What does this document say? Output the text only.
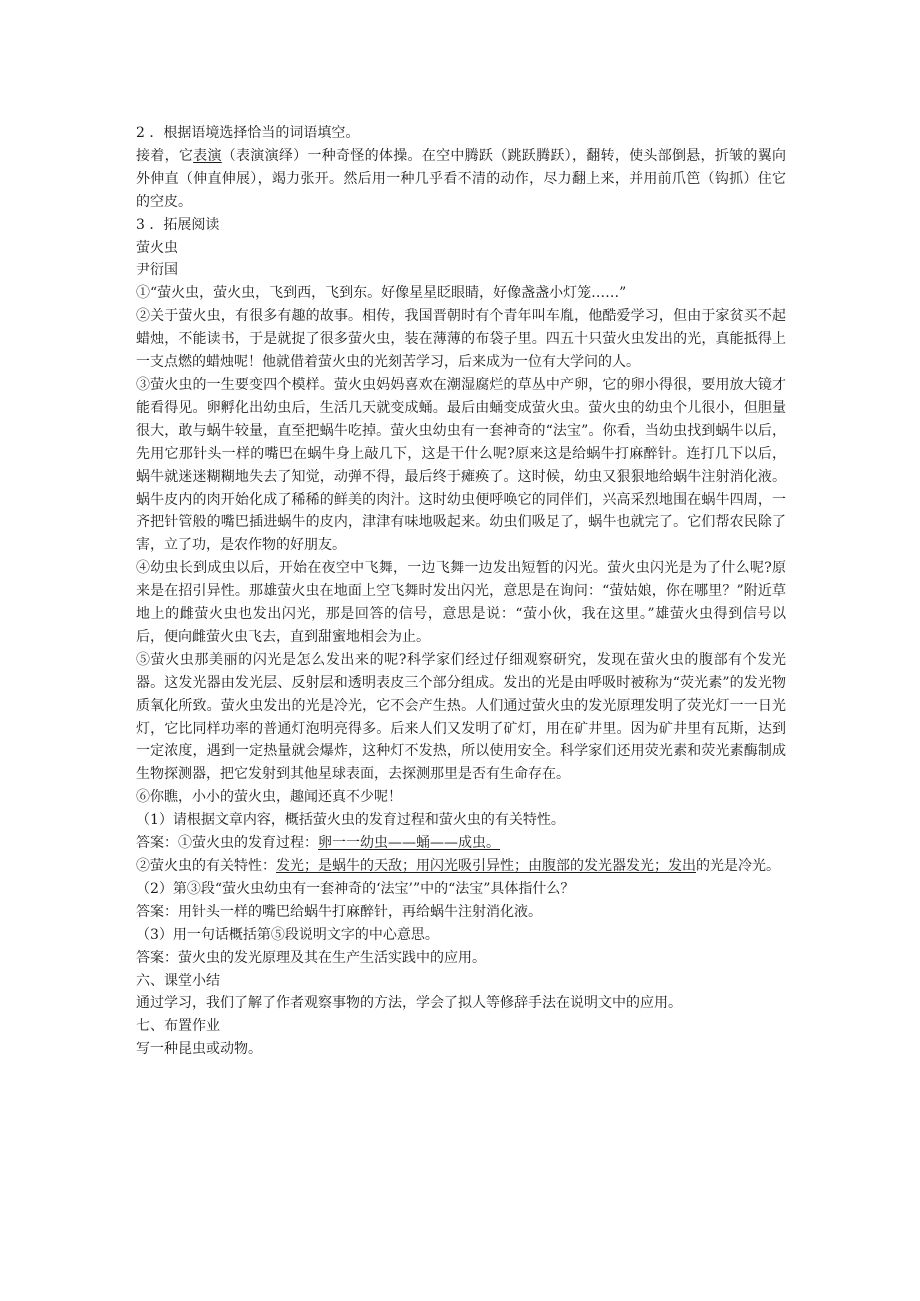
2 ．根据语境选择恰当的词语填空。

接着，它表演（表演演绎）一种奇怪的体操。在空中腾跃（跳跃腾跃），翻转，使头部倒悬，折皱的翼向外伸直（伸直伸展），竭力张开。然后用一种几乎看不清的动作，尽力翻上来，并用前爪笆（钩抓）住它的空皮。

3 ．拓展阅读

萤火虫

尹衍国

①“萤火虫，萤火虫，飞到西，飞到东。好像星星眨眼睛，好像盏盏小灯笼……”

②关于萤火虫，有很多有趣的故事。相传，我国晋朝时有个青年叫车胤，他酷爱学习，但由于家贫买不起蜡烛，不能读书，于是就捉了很多萤火虫，装在薄薄的布袋子里。四五十只萤火虫发出的光，真能抵得上一支点燃的蜡烛呢！他就借着萤火虫的光刻苦学习，后来成为一位有大学问的人。

③萤火虫的一生要变四个模样。萤火虫妈妈喜欢在潮湿腐烂的草丛中产卵，它的卵小得很，要用放大镜才能看得见。卵孵化出幼虫后，生活几天就变成蛹。最后由蛹变成萤火虫。萤火虫的幼虫个儿很小，但胆量很大，敢与蜗牛较量，直至把蜗牛吃掉。萤火虫幼虫有一套神奇的“法宝”。你看，当幼虫找到蜗牛以后，先用它那针头一样的嘴巴在蜗牛身上敲几下，这是干什么呢?原来这是给蜗牛打麻醉针。连打几下以后，蜗牛就迷迷糊糊地失去了知觉，动弹不得，最后终于瘫痪了。这时候，幼虫又狠狠地给蜗牛注射消化液。蜗牛皮内的肉开始化成了稀稀的鲜美的肉汁。这时幼虫便呼唤它的同伴们，兴高采烈地围在蜗牛四周，一齐把针管般的嘴巴插进蜗牛的皮内，津津有味地吸起来。幼虫们吸足了，蜗牛也就完了。它们帮农民除了害，立了功，是农作物的好朋友。

④幼虫长到成虫以后，开始在夜空中飞舞，一边飞舞一边发出短暂的闪光。萤火虫闪光是为了什么呢?原来是在招引异性。那雄萤火虫在地面上空飞舞时发出闪光，意思是在询问：“萤姑娘，你在哪里？”附近草地上的雌萤火虫也发出闪光，那是回答的信号，意思是说：“萤小伙，我在这里。”雄萤火虫得到信号以后，便向雌萤火虫飞去，直到甜蜜地相会为止。

⑤萤火虫那美丽的闪光是怎么发出来的呢?科学家们经过仔细观察研究，发现在萤火虫的腹部有个发光器。这发光器由发光层、反射层和透明表皮三个部分组成。发出的光是由呼吸时被称为“荧光素”的发光物质氧化所致。萤火虫发出的光是冷光，它不会产生热。人们通过萤火虫的发光原理发明了荧光灯一一日光灯，它比同样功率的普通灯泡明亮得多。后来人们又发明了矿灯，用在矿井里。因为矿井里有瓦斯，达到一定浓度，遇到一定热量就会爆炸，这种灯不发热，所以使用安全。科学家们还用荧光素和荧光素酶制成生物探测器，把它发射到其他星球表面，去探测那里是否有生命存在。

⑥你瞧，小小的萤火虫，趣闻还真不少呢！

（1）请根据文章内容，概括萤火虫的发育过程和萤火虫的有关特性。

答案：①萤火虫的发育过程：卵一一幼虫——蛹——成虫。

②萤火虫的有关特性：发光；是蜗牛的天敌；用闪光吸引异性；由腹部的发光器发光；发出的光是冷光。

（2）第③段“萤火虫幼虫有一套神奇的‘法宝’”中的“法宝”具体指什么？

答案：用针头一样的嘴巴给蜗牛打麻醉针，再给蜗牛注射消化液。

（3）用一句话概括第⑤段说明文字的中心意思。

答案：萤火虫的发光原理及其在生产生活实践中的应用。

六、课堂小结

通过学习，我们了解了作者观察事物的方法，学会了拟人等修辞手法在说明文中的应用。

七、布置作业

写一种昆虫或动物。
